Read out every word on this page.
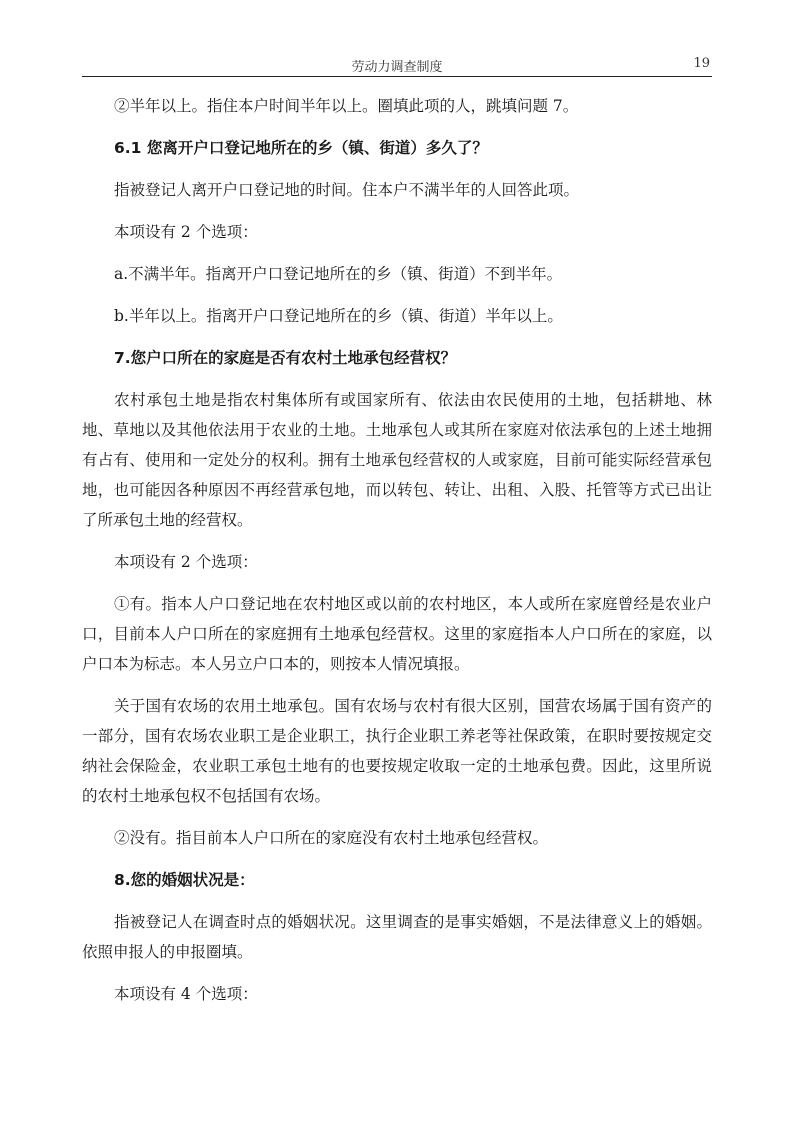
劳动力调查制度	19

②半年以上。指住本户时间半年以上。圈填此项的人，跳填问题 7。

6.1 您离开户口登记地所在的乡（镇、街道）多久了？

指被登记人离开户口登记地的时间。住本户不满半年的人回答此项。

本项设有 2 个选项：

a.不满半年。指离开户口登记地所在的乡（镇、街道）不到半年。

b.半年以上。指离开户口登记地所在的乡（镇、街道）半年以上。

7.您户口所在的家庭是否有农村土地承包经营权？

农村承包土地是指农村集体所有或国家所有、依法由农民使用的土地，包括耕地、林地、草地以及其他依法用于农业的土地。土地承包人或其所在家庭对依法承包的上述土地拥有占有、使用和一定处分的权利。拥有土地承包经营权的人或家庭，目前可能实际经营承包地，也可能因各种原因不再经营承包地，而以转包、转让、出租、入股、托管等方式已出让了所承包土地的经营权。

本项设有 2 个选项：

①有。指本人户口登记地在农村地区或以前的农村地区，本人或所在家庭曾经是农业户口，目前本人户口所在的家庭拥有土地承包经营权。这里的家庭指本人户口所在的家庭，以户口本为标志。本人另立户口本的，则按本人情况填报。

关于国有农场的农用土地承包。国有农场与农村有很大区别，国营农场属于国有资产的一部分，国有农场农业职工是企业职工，执行企业职工养老等社保政策，在职时要按规定交纳社会保险金，农业职工承包土地有的也要按规定收取一定的土地承包费。因此，这里所说的农村土地承包权不包括国有农场。

②没有。指目前本人户口所在的家庭没有农村土地承包经营权。

8.您的婚姻状况是：

指被登记人在调查时点的婚姻状况。这里调查的是事实婚姻，不是法律意义上的婚姻。依照申报人的申报圈填。

本项设有 4 个选项：
